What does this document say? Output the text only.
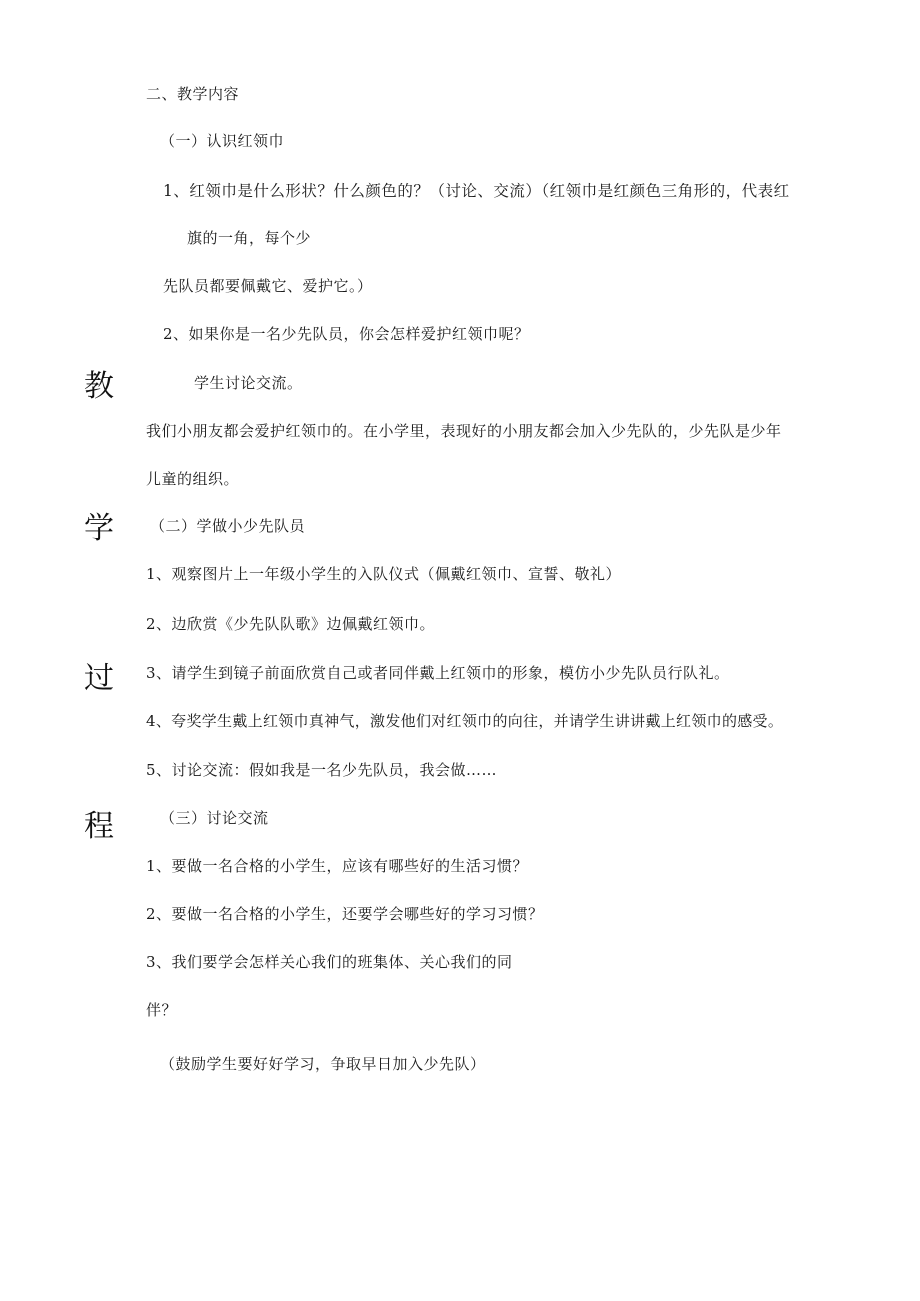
二、教学内容
（一）认识红领巾
1、红领巾是什么形状？什么颜色的？（讨论、交流）（红领巾是红颜色三角形的，代表红
旗的一角，每个少
先队员都要佩戴它、爱护它。）
2、如果你是一名少先队员，你会怎样爱护红领巾呢？
学生讨论交流。
我们小朋友都会爱护红领巾的。在小学里，表现好的小朋友都会加入少先队的，少先队是少年
儿童的组织。
教
学
过
程
（二）学做小少先队员
1、观察图片上一年级小学生的入队仪式（佩戴红领巾、宣誓、敬礼）
2、边欣赏《少先队队歌》边佩戴红领巾。
3、请学生到镜子前面欣赏自己或者同伴戴上红领巾的形象，模仿小少先队员行队礼。
4、夸奖学生戴上红领巾真神气，激发他们对红领巾的向往，并请学生讲讲戴上红领巾的感受。
5、讨论交流：假如我是一名少先队员，我会做……
（三）讨论交流
1、要做一名合格的小学生，应该有哪些好的生活习惯？
2、要做一名合格的小学生，还要学会哪些好的学习习惯？
3、我们要学会怎样关心我们的班集体、关心我们的同
伴？
（鼓励学生要好好学习，争取早日加入少先队）
